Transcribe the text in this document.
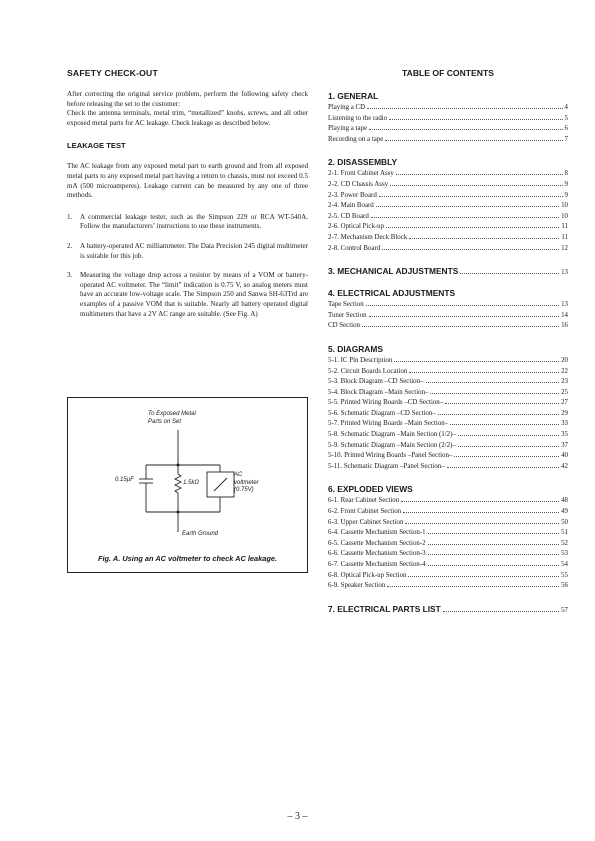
SAFETY CHECK-OUT

After correcting the original service problem, perform the following safety check before releasing the set to the customer:

Check the antenna terminals, metal trim, “metallized” knobs, screws, and all other exposed metal parts for AC leakage. Check leakage as described below.

LEAKAGE TEST

The AC leakage from any exposed metal part to earth ground and from all exposed metal parts to any exposed metal part having a return to chassis, must not exceed 0.5 mA (500 microamperes). Leakage current can be measured by any one of three methods.

1.	A commercial leakage tester, such as the Simpson 229 or RCA WT-540A. Follow the manufacturers’ instructions to use these instruments.
2.	A battery-operated AC milliammeter. The Data Precision 245 digital multimeter is suitable for this job.
3.	Measuring the voltage drop across a resistor by means of a VOM or battery-operated AC voltmeter. The “limit” indication is 0.75 V, so analog meters must have an accurate low-voltage scale. The Simpson 250 and Sanwa SH-63Trd are examples of a passive VOM that is suitable. Nearly all battery operated digital multimeters that have a 2V AC range are suitable. (See Fig. A)
To Exposed Metal
Parts on Set
0.15µF	1.5kΩ
AC
voltmeter
(0.75V)
Earth Ground
Fig. A. Using an AC voltmeter to check AC leakage.
TABLE OF CONTENTS
1. GENERAL
Playing a CD	4
Listening to the radio	5
Playing a tape	6
Recording on a tape	7
2. DISASSEMBLY
2-1. Front Cabinet Assy	8
2-2. CD Chassis Assy	9
2-3. Power Board	9
2-4. Main Board	10
2-5. CD Board	10
2-6. Optical Pick-up	11
2-7. Mechanism Deck Block	11
2-8. Control Board	12
3. MECHANICAL ADJUSTMENTS	13
4. ELECTRICAL ADJUSTMENTS
Tape Section	13
Tuner Section	14
CD Section	16
5. DIAGRAMS
5-1. IC Pin Description	20
5-2. Circuit Boards Location	22
5-3. Block Diagram –CD Section–	23
5-4. Block Diagram –Main Section–	25
5-5. Printed Wiring Boards –CD Section–	27
5-6. Schematic Diagram –CD Section–	29
5-7. Printed Wiring Boards –Main Section–	33
5-8. Schematic Diagram –Main Section (1/2)–	35
5-9. Schematic Diagram –Main Section (2/2)–	37
5-10. Printed Wiring Boards –Panel Section–	40
5-11. Schematic Diagram –Panel Section–	42
6. EXPLODED VIEWS
6-1. Rear Cabinet Section	48
6-2. Front Cabinet Section	49
6-3. Upper Cabinet Section	50
6-4. Cassette Mechanism Section-1	51
6-5. Cassette Mechanism Section-2	52
6-6. Cassette Mechanism Section-3	53
6-7. Cassette Mechanism Section-4	54
6-8. Optical Pick-up Section	55
6-9. Speaker Section	56
7. ELECTRICAL PARTS LIST	57
– 3 –
